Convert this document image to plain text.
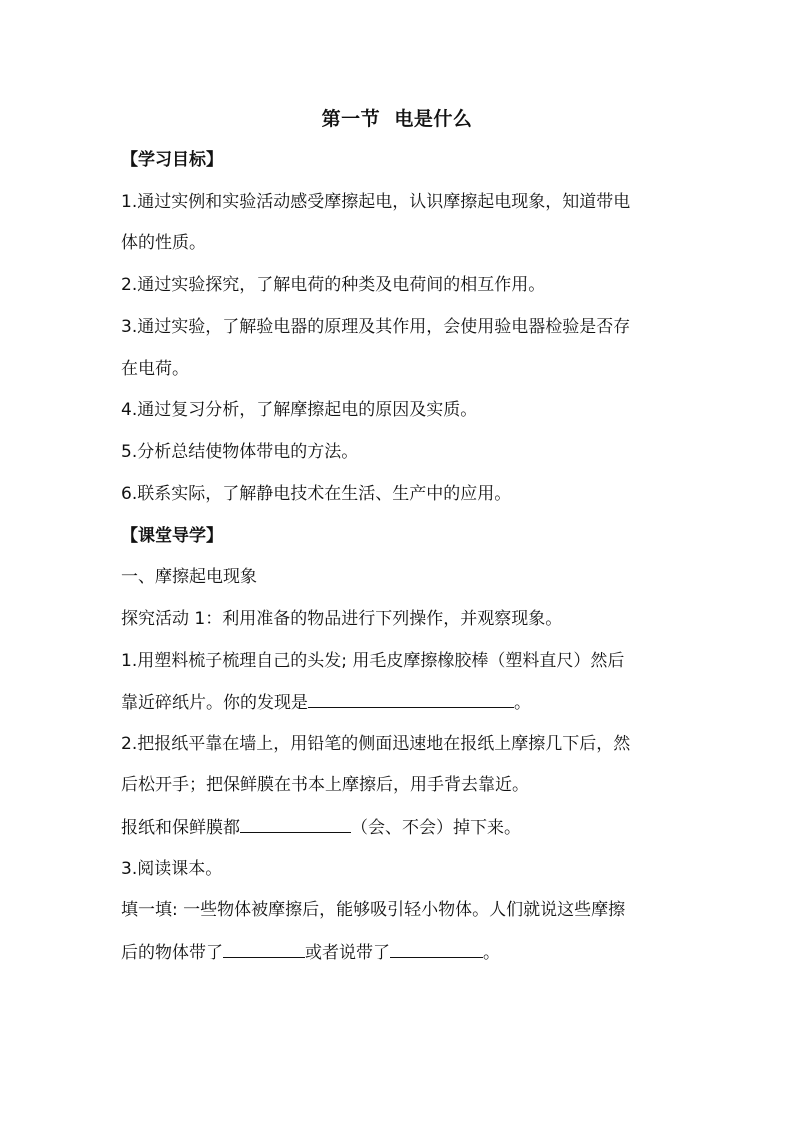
第一节  电是什么
【学习目标】
1.通过实例和实验活动感受摩擦起电，认识摩擦起电现象，知道带电
体的性质。
2.通过实验探究，了解电荷的种类及电荷间的相互作用。
3.通过实验，了解验电器的原理及其作用，会使用验电器检验是否存
在电荷。
4.通过复习分析，了解摩擦起电的原因及实质。
5.分析总结使物体带电的方法。
6.联系实际，了解静电技术在生活、生产中的应用。
【课堂导学】
一、摩擦起电现象
探究活动 1：利用准备的物品进行下列操作，并观察现象。
1.用塑料梳子梳理自己的头发; 用毛皮摩擦橡胶棒（塑料直尺）然后
靠近碎纸片。你的发现是	。
2.把报纸平靠在墙上，用铅笔的侧面迅速地在报纸上摩擦几下后，然
后松开手；把保鲜膜在书本上摩擦后，用手背去靠近。
报纸和保鲜膜都	（会、不会）掉下来。
3.阅读课本。
填一填: 一些物体被摩擦后，能够吸引轻小物体。人们就说这些摩擦
后的物体带了	或者说带了	。
